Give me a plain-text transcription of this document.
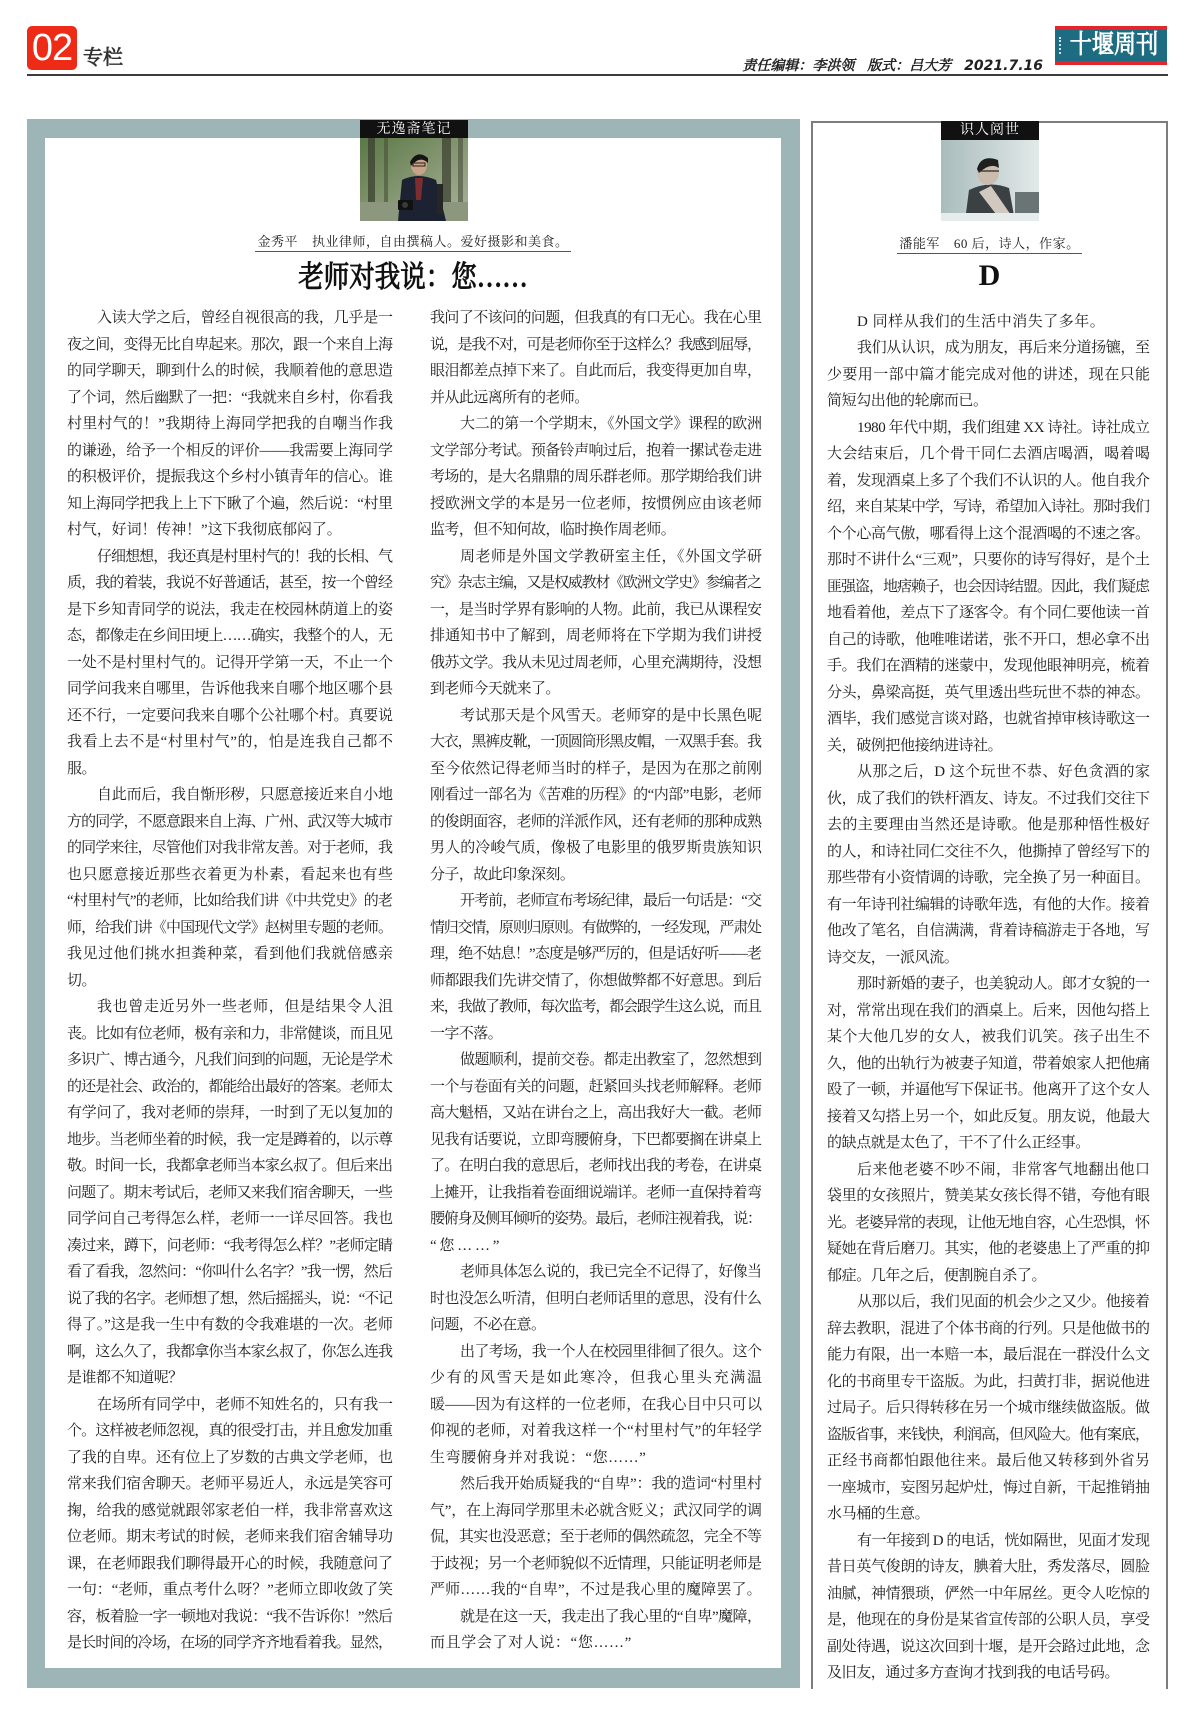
02 专栏	责任编辑：李洪领 版式：吕大芳 2021.7.16
十堰周刊
无逸斋笔记
金秀平 执业律师，自由撰稿人。爱好摄影和美食。
老师对我说：您……
入读大学之后，曾经自视很高的我，几乎是一
夜之间，变得无比自卑起来。那次，跟一个来自上海
的同学聊天，聊到什么的时候，我顺着他的意思造
了个词，然后幽默了一把：“我就来自乡村，你看我
村里村气的！”我期待上海同学把我的自嘲当作我
的谦逊，给予一个相反的评价——我需要上海同学
的积极评价，提振我这个乡村小镇青年的信心。谁
知上海同学把我上上下下瞅了个遍，然后说：“村里
村气，好词！传神！”这下我彻底郁闷了。
仔细想想，我还真是村里村气的！我的长相、气
质，我的着装，我说不好普通话，甚至，按一个曾经
是下乡知青同学的说法，我走在校园林荫道上的姿
态，都像走在乡间田埂上……确实，我整个的人，无
一处不是村里村气的。记得开学第一天，不止一个
同学问我来自哪里，告诉他我来自哪个地区哪个县
还不行，一定要问我来自哪个公社哪个村。真要说
我看上去不是“村里村气”的，怕是连我自己都不
服。
自此而后，我自惭形秽，只愿意接近来自小地
方的同学，不愿意跟来自上海、广州、武汉等大城市
的同学来往，尽管他们对我非常友善。对于老师，我
也只愿意接近那些衣着更为朴素，看起来也有些
“村里村气”的老师，比如给我们讲《中共党史》的老
师，给我们讲《中国现代文学》赵树里专题的老师。
我见过他们挑水担粪种菜，看到他们我就倍感亲
切。
我也曾走近另外一些老师，但是结果令人沮
丧。比如有位老师，极有亲和力，非常健谈，而且见
多识广、博古通今，凡我们问到的问题，无论是学术
的还是社会、政治的，都能给出最好的答案。老师太
有学问了，我对老师的崇拜，一时到了无以复加的
地步。当老师坐着的时候，我一定是蹲着的，以示尊
敬。时间一长，我都拿老师当本家幺叔了。但后来出
问题了。期末考试后，老师又来我们宿舍聊天，一些
同学问自己考得怎么样，老师一一详尽回答。我也
凑过来，蹲下，问老师：“我考得怎么样？”老师定睛
看了看我，忽然问：“你叫什么名字？”我一愣，然后
说了我的名字。老师想了想，然后摇摇头，说：“不记
得了。”这是我一生中有数的令我难堪的一次。老师
啊，这么久了，我都拿你当本家幺叔了，你怎么连我
是谁都不知道呢？
在场所有同学中，老师不知姓名的，只有我一
个。这样被老师忽视，真的很受打击，并且愈发加重
了我的自卑。还有位上了岁数的古典文学老师，也
常来我们宿舍聊天。老师平易近人，永远是笑容可
掬，给我的感觉就跟邻家老伯一样，我非常喜欢这
位老师。期末考试的时候，老师来我们宿舍辅导功
课，在老师跟我们聊得最开心的时候，我随意问了
一句：“老师，重点考什么呀？”老师立即收敛了笑
容，板着脸一字一顿地对我说：“我不告诉你！”然后
是长时间的冷场，在场的同学齐齐地看着我。显然，
我问了不该问的问题，但我真的有口无心。我在心里
说，是我不对，可是老师你至于这样么？我感到屈辱，
眼泪都差点掉下来了。自此而后，我变得更加自卑，
并从此远离所有的老师。
大二的第一个学期末，《外国文学》课程的欧洲
文学部分考试。预备铃声响过后，抱着一摞试卷走进
考场的，是大名鼎鼎的周乐群老师。那学期给我们讲
授欧洲文学的本是另一位老师，按惯例应由该老师
监考，但不知何故，临时换作周老师。
周老师是外国文学教研室主任，《外国文学研
究》杂志主编，又是权威教材《欧洲文学史》参编者之
一，是当时学界有影响的人物。此前，我已从课程安
排通知书中了解到，周老师将在下学期为我们讲授
俄苏文学。我从未见过周老师，心里充满期待，没想
到老师今天就来了。
考试那天是个风雪天。老师穿的是中长黑色呢
大衣，黑裤皮靴，一顶圆筒形黑皮帽，一双黑手套。我
至今依然记得老师当时的样子，是因为在那之前刚
刚看过一部名为《苦难的历程》的“内部”电影，老师
的俊朗面容，老师的洋派作风，还有老师的那种成熟
男人的冷峻气质，像极了电影里的俄罗斯贵族知识
分子，故此印象深刻。
开考前，老师宣布考场纪律，最后一句话是：“交
情归交情，原则归原则。有做弊的，一经发现，严肃处
理，绝不姑息！”态度是够严厉的，但是话好听——老
师都跟我们先讲交情了，你想做弊都不好意思。到后
来，我做了教师，每次监考，都会跟学生这么说，而且
一字不落。
做题顺利，提前交卷。都走出教室了，忽然想到
一个与卷面有关的问题，赶紧回头找老师解释。老师
高大魁梧，又站在讲台之上，高出我好大一截。老师
见我有话要说，立即弯腰俯身，下巴都要搁在讲桌上
了。在明白我的意思后，老师找出我的考卷，在讲桌
上摊开，让我指着卷面细说端详。老师一直保持着弯
腰俯身及侧耳倾听的姿势。最后，老师注视着我，说：
“您……”
老师具体怎么说的，我已完全不记得了，好像当
时也没怎么听清，但明白老师话里的意思，没有什么
问题，不必在意。
出了考场，我一个人在校园里徘徊了很久。这个
少有的风雪天是如此寒冷，但我心里头充满温
暖——因为有这样的一位老师，在我心目中只可以
仰视的老师，对着我这样一个“村里村气”的年轻学
生弯腰俯身并对我说：“您……”
然后我开始质疑我的“自卑”：我的造词“村里村
气”，在上海同学那里未必就含贬义；武汉同学的调
侃，其实也没恶意；至于老师的偶然疏忽，完全不等
于歧视；另一个老师貌似不近情理，只能证明老师是
严师……我的“自卑”，不过是我心里的魔障罢了。
就是在这一天，我走出了我心里的“自卑”魔障，
而且学会了对人说：“您……”
识人阅世
潘能军 60 后，诗人，作家。
D
D 同样从我们的生活中消失了多年。
我们从认识，成为朋友，再后来分道扬镳，至
少要用一部中篇才能完成对他的讲述，现在只能
简短勾出他的轮廓而已。
1980 年代中期，我们组建 XX 诗社。诗社成立
大会结束后，几个骨干同仁去酒店喝酒，喝着喝
着，发现酒桌上多了个我们不认识的人。他自我介
绍，来自某某中学，写诗，希望加入诗社。那时我们
个个心高气傲，哪看得上这个混酒喝的不速之客。
那时不讲什么“三观”，只要你的诗写得好，是个土
匪强盗，地痞赖子，也会因诗结盟。因此，我们疑虑
地看着他，差点下了逐客令。有个同仁要他读一首
自己的诗歌，他唯唯诺诺，张不开口，想必拿不出
手。我们在酒精的迷蒙中，发现他眼神明亮，梳着
分头，鼻梁高挺，英气里透出些玩世不恭的神态。
酒毕，我们感觉言谈对路，也就省掉审核诗歌这一
关，破例把他接纳进诗社。
从那之后，D 这个玩世不恭、好色贪酒的家
伙，成了我们的铁杆酒友、诗友。不过我们交往下
去的主要理由当然还是诗歌。他是那种悟性极好
的人，和诗社同仁交往不久，他撕掉了曾经写下的
那些带有小资情调的诗歌，完全换了另一种面目。
有一年诗刊社编辑的诗歌年选，有他的大作。接着
他改了笔名，自信满满，背着诗稿游走于各地，写
诗交友，一派风流。
那时新婚的妻子，也美貌动人。郎才女貌的一
对，常常出现在我们的酒桌上。后来，因他勾搭上
某个大他几岁的女人，被我们讥笑。孩子出生不
久，他的出轨行为被妻子知道，带着娘家人把他痛
殴了一顿，并逼他写下保证书。他离开了这个女人
接着又勾搭上另一个，如此反复。朋友说，他最大
的缺点就是太色了，干不了什么正经事。
后来他老婆不吵不闹，非常客气地翻出他口
袋里的女孩照片，赞美某女孩长得不错，夸他有眼
光。老婆异常的表现，让他无地自容，心生恐惧，怀
疑她在背后磨刀。其实，他的老婆患上了严重的抑
郁症。几年之后，便割腕自杀了。
从那以后，我们见面的机会少之又少。他接着
辞去教职，混进了个体书商的行列。只是他做书的
能力有限，出一本赔一本，最后混在一群没什么文
化的书商里专干盗版。为此，扫黄打非，据说他进
过局子。后只得转移在另一个城市继续做盗版。做
盗版省事，来钱快，利润高，但风险大。他有案底，
正经书商都怕跟他往来。最后他又转移到外省另
一座城市，妄图另起炉灶，悔过自新，干起推销抽
水马桶的生意。
有一年接到 D 的电话，恍如隔世，见面才发现
昔日英气俊朗的诗友，腆着大肚，秀发落尽，圆脸
油腻，神情猥琐，俨然一中年屌丝。更令人吃惊的
是，他现在的身份是某省宣传部的公职人员，享受
副处待遇，说这次回到十堰，是开会路过此地，念
及旧友，通过多方查询才找到我的电话号码。
